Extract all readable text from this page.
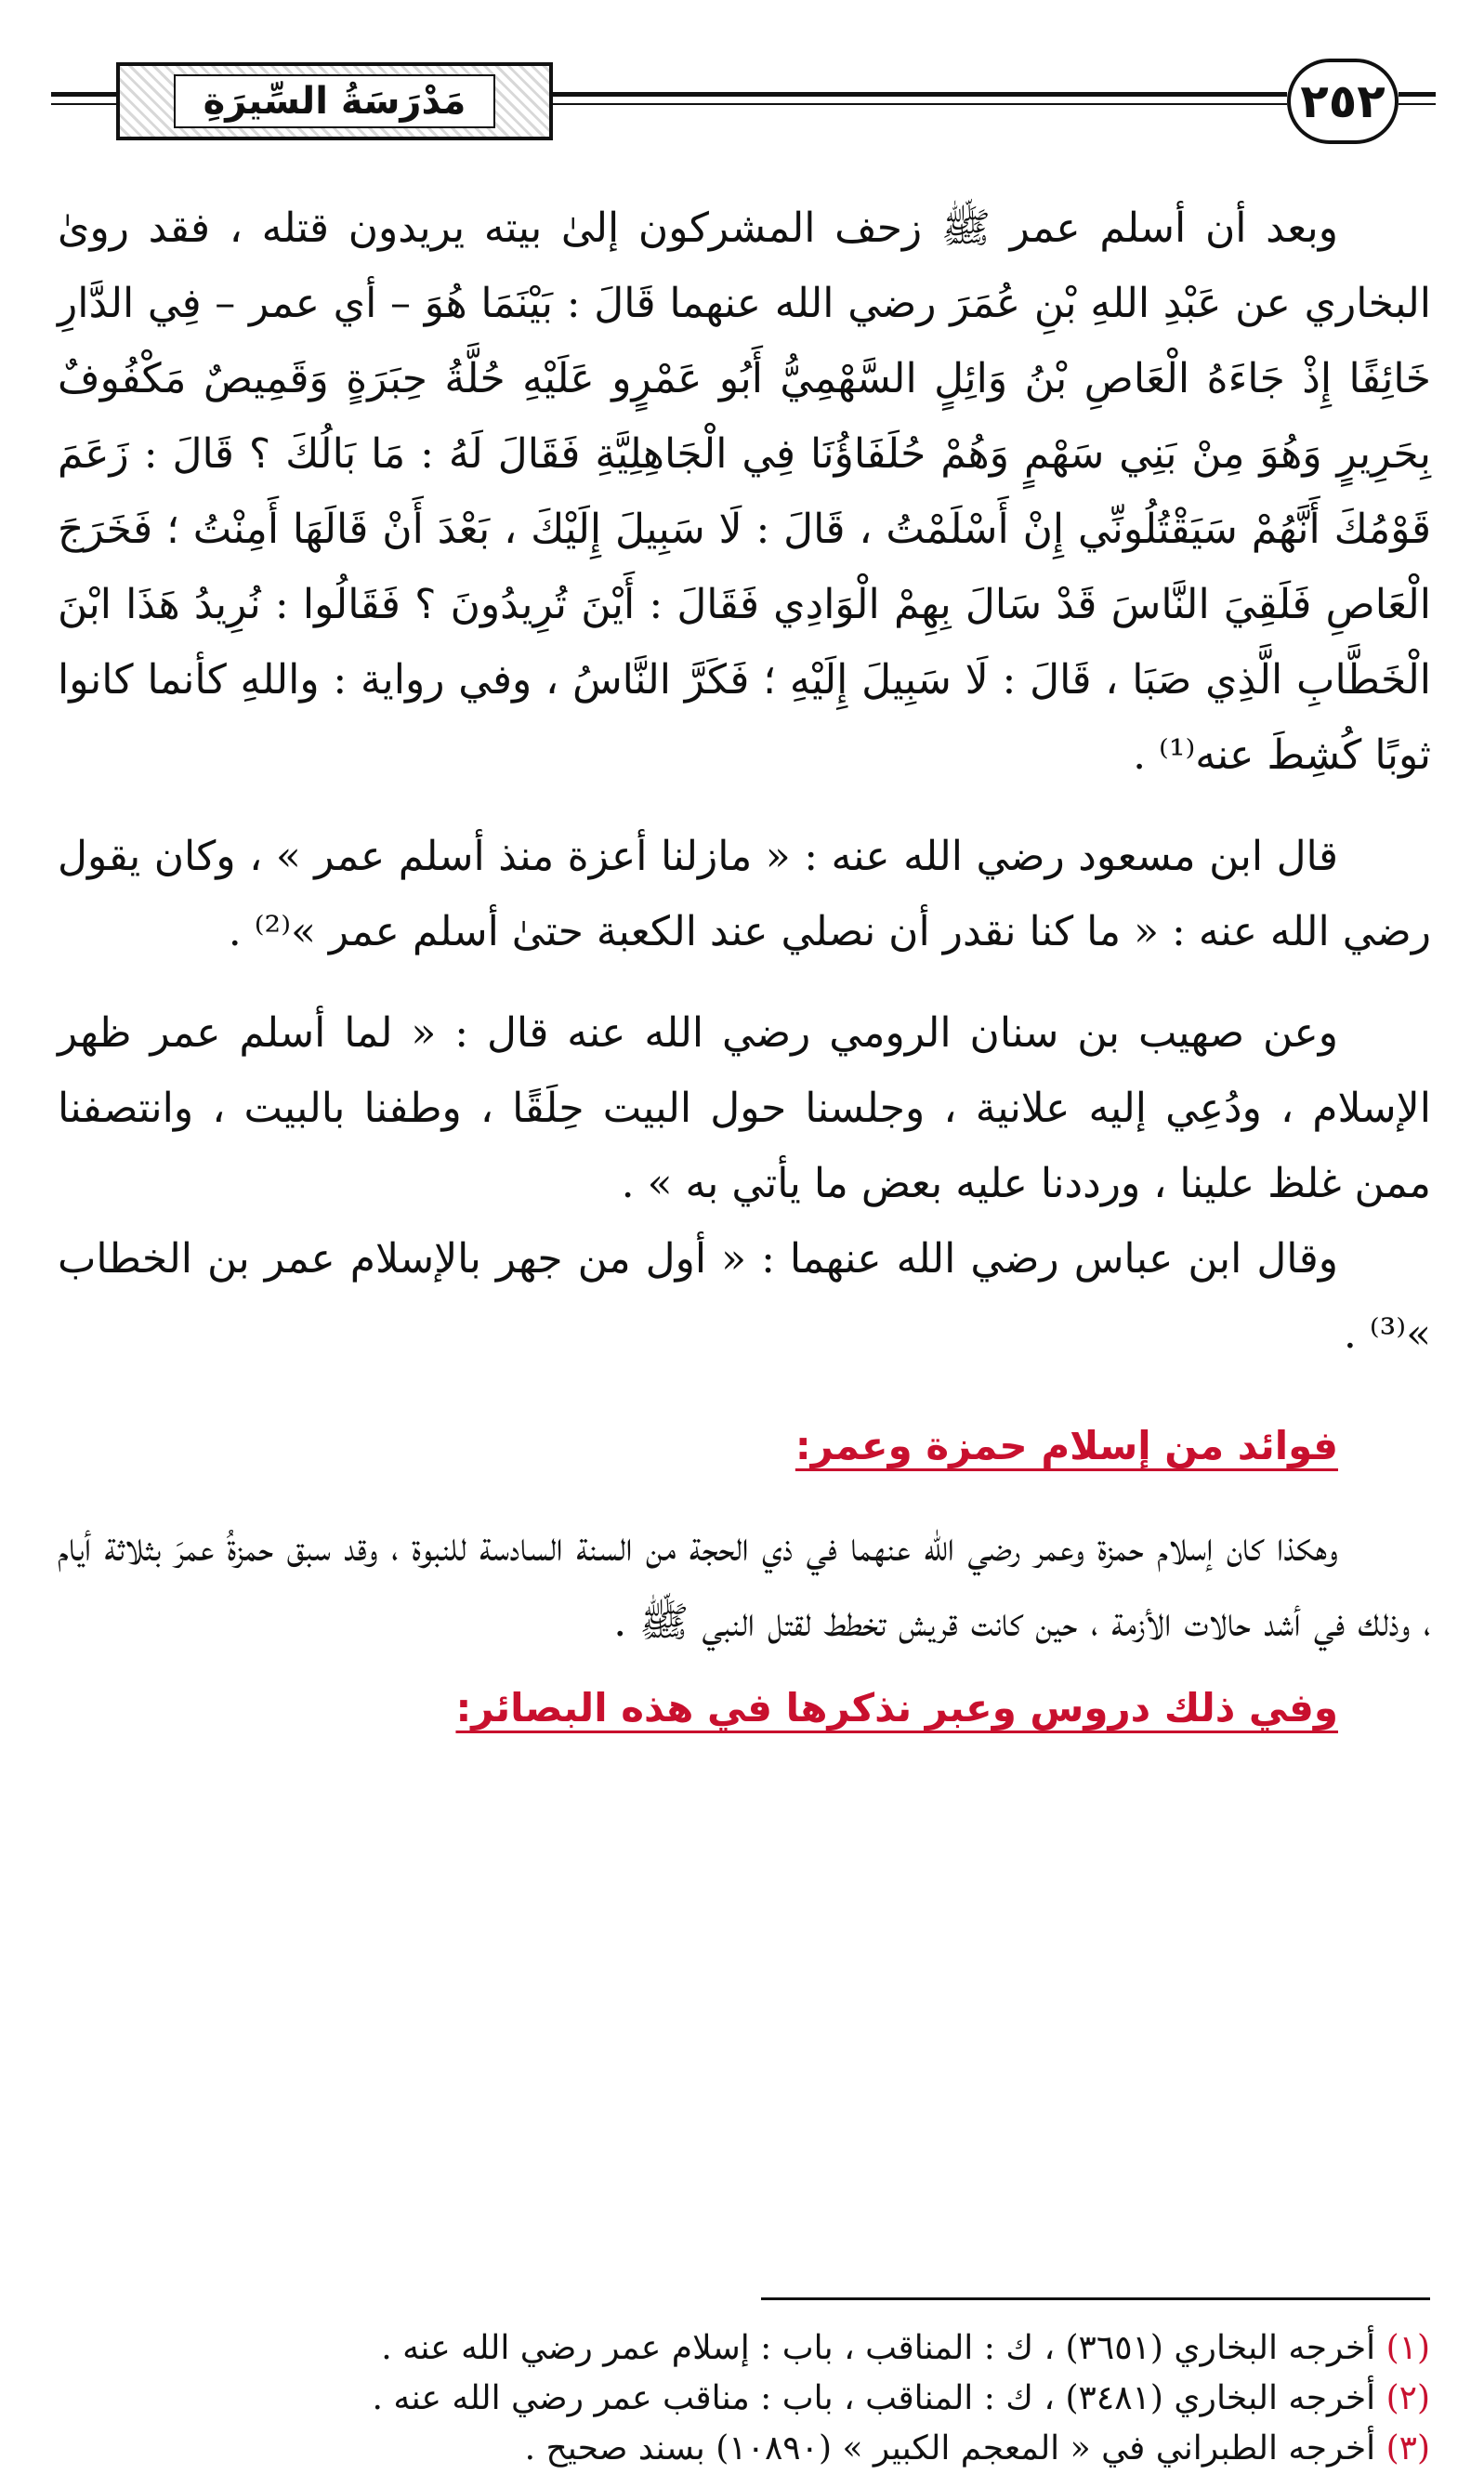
مَدْرَسَةُ السِّيرَةِ	٢٥٢

وبعد أن أسلم عمر ﷺ زحف المشركون إلىٰ بيته يريدون قتله ، فقد روىٰ البخاري عن عَبْدِ اللهِ بْنِ عُمَرَ رضي الله عنهما قَالَ : بَيْنَمَا هُوَ – أي عمر – فِي الدَّارِ خَائِفًا إِذْ جَاءَهُ الْعَاصِ بْنُ وَائِلٍ السَّهْمِيُّ أَبُو عَمْرٍو عَلَيْهِ حُلَّةُ حِبَرَةٍ وَقَمِيصٌ مَكْفُوفٌ بِحَرِيرٍ وَهُوَ مِنْ بَنِي سَهْمٍ وَهُمْ حُلَفَاؤُنَا فِي الْجَاهِلِيَّةِ فَقَالَ لَهُ : مَا بَالُكَ ؟ قَالَ : زَعَمَ قَوْمُكَ أَنَّهُمْ سَيَقْتُلُونِّي إِنْ أَسْلَمْتُ ، قَالَ : لَا سَبِيلَ إِلَيْكَ ، بَعْدَ أَنْ قَالَهَا أَمِنْتُ ؛ فَخَرَجَ الْعَاصِ فَلَقِيَ النَّاسَ قَدْ سَالَ بِهِمْ الْوَادِي فَقَالَ : أَيْنَ تُرِيدُونَ ؟ فَقَالُوا : نُرِيدُ هَذَا ابْنَ الْخَطَّابِ الَّذِي صَبَا ، قَالَ : لَا سَبِيلَ إِلَيْهِ ؛ فَكَرَّ النَّاسُ ، وفي رواية : واللهِ كأنما كانوا ثوبًا كُشِطَ عنه⁽¹⁾ .

قال ابن مسعود رضي الله عنه : « مازلنا أعزة منذ أسلم عمر » ، وكان يقول رضي الله عنه : « ما كنا نقدر أن نصلي عند الكعبة حتىٰ أسلم عمر »⁽²⁾ .

وعن صهيب بن سنان الرومي رضي الله عنه قال : « لما أسلم عمر ظهر الإسلام ، ودُعِي إليه علانية ، وجلسنا حول البيت حِلَقًا ، وطفنا بالبيت ، وانتصفنا ممن غلظ علينا ، ورددنا عليه بعض ما يأتي به » .

وقال ابن عباس رضي الله عنهما : « أول من جهر بالإسلام عمر بن الخطاب »⁽³⁾ .

فوائد من إسلام حمزة وعمر:

وهكذا كان إسلام حمزة وعمر رضي الله عنهما في ذي الحجة من السنة السادسة للنبوة ، وقد سبق حمزةُ عمرَ بثلاثة أيام ، وذلك في أشد حالات الأزمة ، حين كانت قريش تخطط لقتل النبي ﷺ .

وفي ذلك دروس وعبر نذكرها في هذه البصائر:

(١) أخرجه البخاري (٣٦٥١) ، ك : المناقب ، باب : إسلام عمر رضي الله عنه .

(٢) أخرجه البخاري (٣٤٨١) ، ك : المناقب ، باب : مناقب عمر رضي الله عنه .

(٣) أخرجه الطبراني في « المعجم الكبير » (١٠٨٩٠) بسند صحيح .
